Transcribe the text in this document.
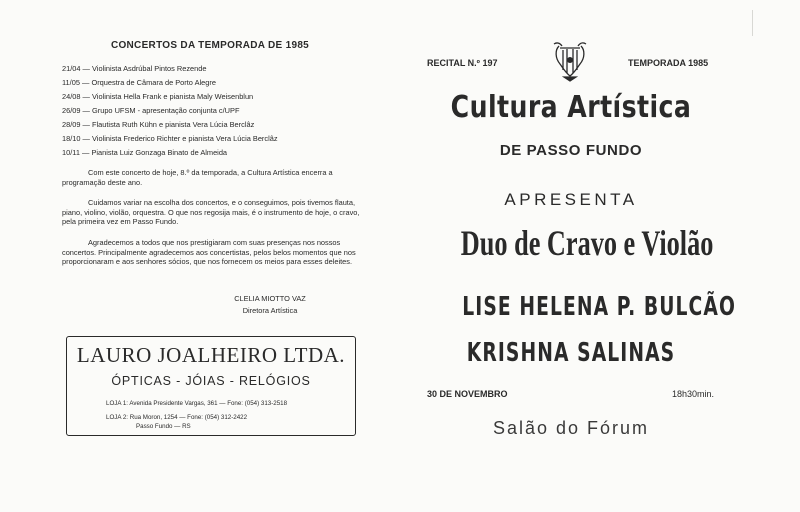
CONCERTOS DA TEMPORADA DE 1985
21/04 — Violinista Asdrúbal Pintos Rezende
11/05 — Orquestra de Câmara de Porto Alegre
24/08 — Violinista Hella Frank e pianista Maly Weisenblun
26/09 — Grupo UFSM - apresentação conjunta c/UPF
28/09 — Flautista Ruth Kühn e pianista Vera Lúcia Berclâz
18/10 — Violinista Frederico Richter e pianista Vera Lúcia Berclâz
10/11 — Pianista Luiz Gonzaga Binato de Almeida
Com este concerto de hoje, 8.º da temporada, a Cultura Artística encerra a programação deste ano.
Cuidamos variar na escolha dos concertos, e o conseguimos, pois tivemos flauta, piano, violino, violão, orquestra. O que nos regosija mais, é o instrumento de hoje, o cravo, pela primeira vez em Passo Fundo.
Agradecemos a todos que nos prestigiaram com suas presenças nos nossos concertos. Principalmente agradecemos aos concertistas, pelos belos momentos que nos proporcionaram e aos senhores sócios, que nos fornecem os meios para esses deleites.
CLELIA MIOTTO VAZ
Diretora Artística
LAURO JOALHEIRO LTDA.
ÓPTICAS - JÓIAS - RELÓGIOS
LOJA 1: Avenida Presidente Vargas, 361 — Fone: (054) 313-2518
LOJA 2: Rua Moron, 1254 — Fone: (054) 312-2422
Passo Fundo — RS
RECITAL N.º 197	TEMPORADA 1985
Cultura Artística
DE PASSO FUNDO
APRESENTA
Duo de Cravo e Violão
LISE HELENA P. BULCÃO
KRISHNA SALINAS
30 DE NOVEMBRO	18h30min.
Salão do Fórum
